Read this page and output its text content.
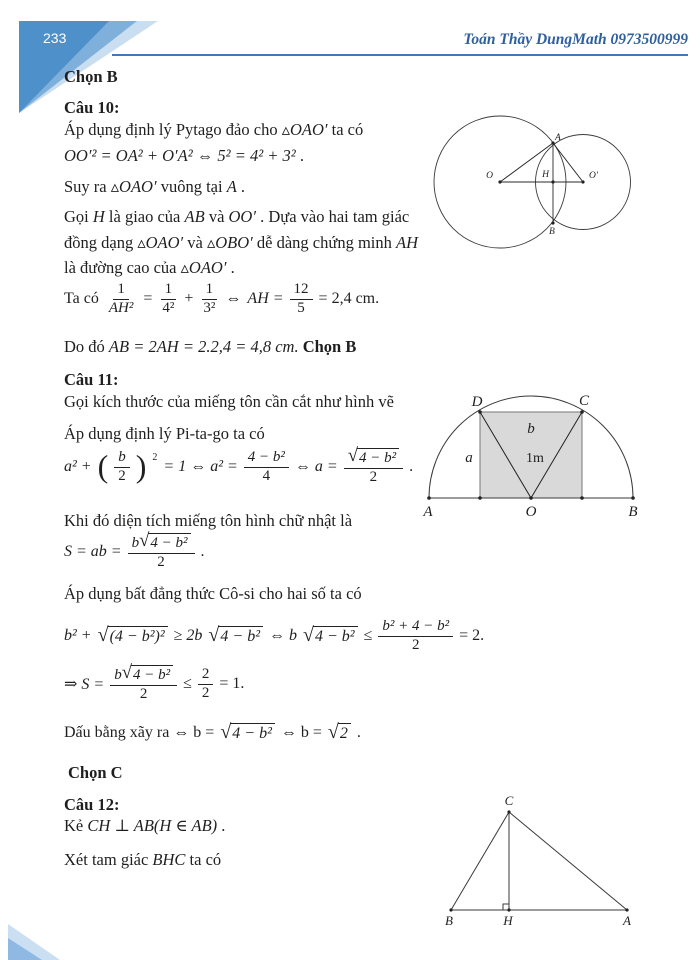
233	Toán Thầy DungMath 0973500999
Chọn B
Câu 10:
Áp dụng định lý Pytago đảo cho ▵OAO′ ta có
OO′² = OA² + O′A² ⇔ 5² = 4² + 3² .
Suy ra ▵OAO′ vuông tại A .
Gọi H là giao của AB và OO′ . Dựa vào hai tam giác
đồng dạng ▵OAO′ và ▵OBO′ dễ dàng chứng minh AH
là đường cao của ▵OAO′ .
Ta có $\frac{1}{\text{AH²}} = \frac{1}{\text{4²}} + \frac{1}{\text{3²}}$ ⇔ AH = $\frac{12}{5} = 2,4$ cm.
Do đó AB = 2AH = 2.2,4 = 4,8 cm. Chọn B
Câu 11:
Gọi kích thước của miếng tôn cần cắt như hình vẽ
Áp dụng định lý Pi-ta-go ta có
a² + ( $\frac{b}{2}$ ) 2
= 1 ⇔ $a^2 = \frac{\text{4 − b²}}{4}$ ⇔ $a = \frac{\text{√ 4 − b²}}{2}$ .
Khi đó diện tích miếng tôn hình chữ nhật là
S = ab = $\frac{\text{b √ 4 − b²}}{2}$ .
Áp dụng bất đẳng thức Cô-si cho hai số ta có
b² + √ (4 − b²)² ≥ 2b √ 4 − b² ⇔ b √ $4 - b^2 \le \frac{\text{b² + 4 − b²}}{2} = 2$.
⇒ $S = \frac{\text{b √ 4 − b²}}{2} \le \frac{2}{2} = 1$.
Dấu bằng xãy ra ⇔ b = √ 4 − b² ⇔ b = √ 2 .
Chọn C
Câu 12:
Kẻ CH ⊥ AB(H ∈ AB) .
Xét tam giác BHC ta có
O	H	O′
A
B
D	C
b
a	1m
A	O	B
C
B	H	A
